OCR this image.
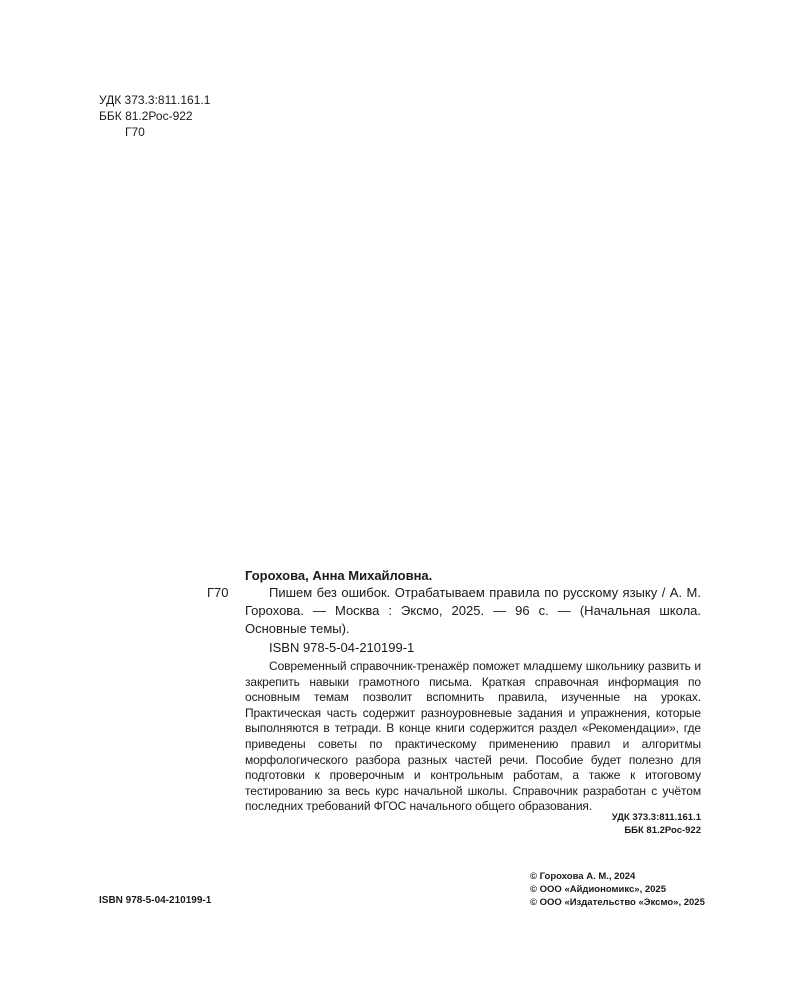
УДК 373.3:811.161.1
ББК 81.2Рос-922
Г70
Горохова, Анна Михайловна.
Г70	Пишем без ошибок. Отрабатываем правила по русскому языку / А. М. Горохова. — Москва : Эксмо, 2025. — 96 с. — (Начальная школа. Основные темы).
ISBN 978-5-04-210199-1
Современный справочник-тренажёр поможет младшему школьнику развить и закрепить навыки грамотного письма. Краткая справочная информация по основным темам позволит вспомнить правила, изученные на уроках. Практическая часть содержит разноуровневые задания и упражнения, которые выполняются в тетради. В конце книги содержится раздел «Рекомендации», где приведены советы по практическому применению правил и алгоритмы морфологического разбора разных частей речи. Пособие будет полезно для подготовки к проверочным и контрольным работам, а также к итоговому тестированию за весь курс начальной школы. Справочник разработан с учётом последних требований ФГОС начального общего образования.
УДК 373.3:811.161.1
ББК 81.2Рос-922
ISBN 978-5-04-210199-1
© Горохова А. М., 2024
© ООО «Айдиономикс», 2025
© ООО «Издательство «Эксмо», 2025
